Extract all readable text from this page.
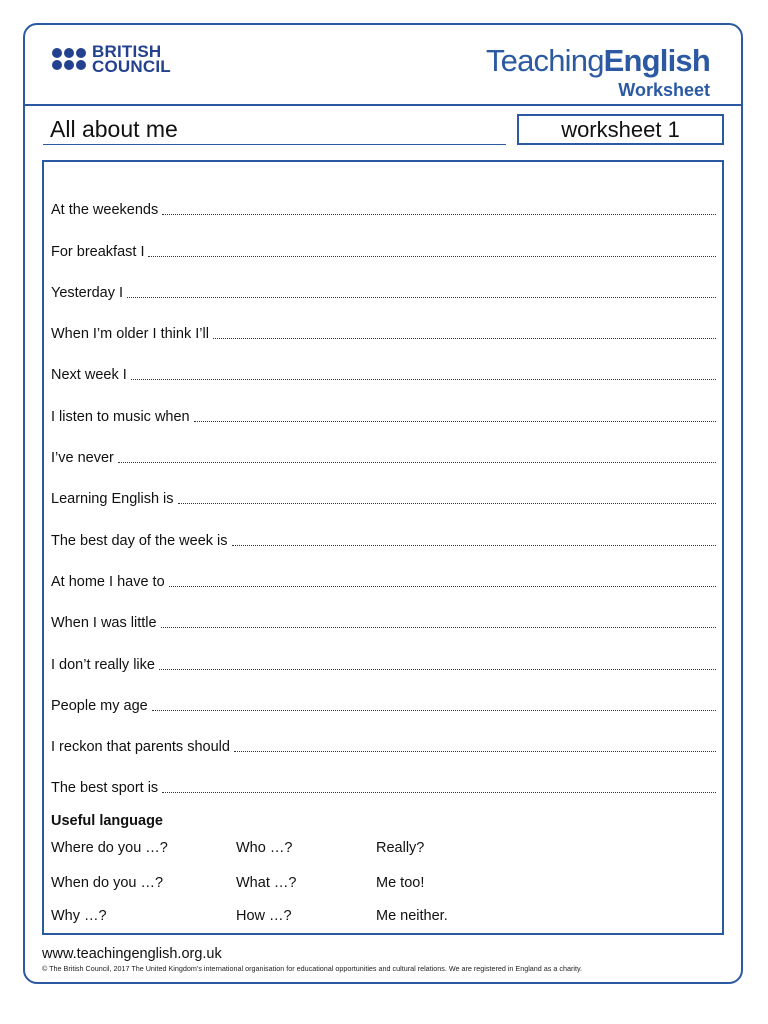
BRITISH
COUNCIL	TeachingEnglish
Worksheet
All about me	worksheet 1
At the weekends
For breakfast I
Yesterday I
When I’m older I think I’ll
Next week I
I listen to music when
I’ve never
Learning English is
The best day of the week is
At home I have to
When I was little
I don’t really like
People my age
I reckon that parents should
The best sport is
Useful language
Where do you …?	Who …?	Really?
When do you …?	What …?	Me too!
Why …?	How …?	Me neither.
www.teachingenglish.org.uk
© The British Council, 2017 The United Kingdom’s international organisation for educational opportunities and cultural relations. We are registered in England as a charity.
